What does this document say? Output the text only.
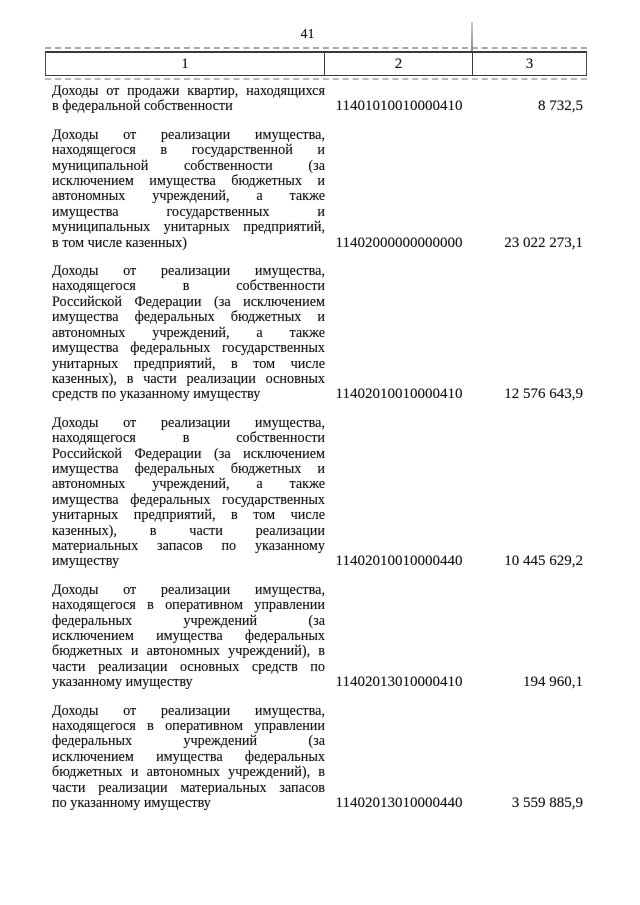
41
1	2	3

Доходы от продажи квартир, находящихся
в федеральной собственности	11401010010000410	8 732,5

Доходы от реализации имущества,
находящегося в государственной и
муниципальной собственности (за
исключением имущества бюджетных и
автономных учреждений, а также
имущества государственных и
муниципальных унитарных предприятий,
в том числе казенных)	11402000000000000	23 022 273,1

Доходы от реализации имущества,
находящегося в собственности
Российской Федерации (за исключением
имущества федеральных бюджетных и
автономных учреждений, а также
имущества федеральных государственных
унитарных предприятий, в том числе
казенных), в части реализации основных
средств по указанному имуществу	11402010010000410	12 576 643,9

Доходы от реализации имущества,
находящегося в собственности
Российской Федерации (за исключением
имущества федеральных бюджетных и
автономных учреждений, а также
имущества федеральных государственных
унитарных предприятий, в том числе
казенных), в части реализации
материальных запасов по указанному
имуществу	11402010010000440	10 445 629,2

Доходы от реализации имущества,
находящегося в оперативном управлении
федеральных учреждений (за
исключением имущества федеральных
бюджетных и автономных учреждений), в
части реализации основных средств по
указанному имуществу	11402013010000410	194 960,1

Доходы от реализации имущества,
находящегося в оперативном управлении
федеральных учреждений (за
исключением имущества федеральных
бюджетных и автономных учреждений), в
части реализации материальных запасов
по указанному имуществу	11402013010000440	3 559 885,9
